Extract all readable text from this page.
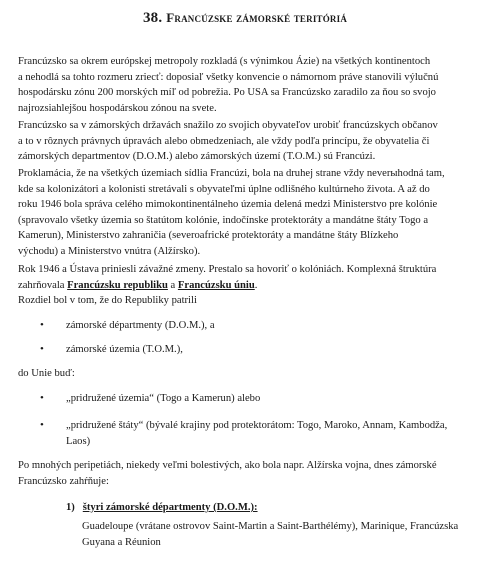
38. Francúzske zámorské teritóriá
Francúzsko sa okrem európskej metropoly rozkladá (s výnimkou Ázie) na všetkých kontinentoch
a nehodlá sa tohto rozmeru zrieсť: doposiaľ všetky konvencie o námornom práve stanovili výlučnú
hospodársku zónu 200 morských míľ od pobrežia. Po USA sa Francúzsko zaradilo za ňou so svojo
najrozsiahlejšou hospodárskou zónou na svete.
Francúzsko sa v zámorských državách snažilo zo svojich obyvateľov urobiť francúzskych občanov
a to v rôznych právnych úpravách alebo obmedzeniach, ale vždy podľa princípu, že obyvatelia či
zámorských departmentov (D.O.M.) alebo zámorských území (T.O.M.) sú Francúzi.
Proklamácia, že na všetkých územiach sídlia Francúzi, bola na druhej strane vždy neverыhodná tam,
kde sa kolonizátori a kolonisti stretávali s obyvateľmi úplne odlišného kultúrneho života. A až do
roku 1946 bola správa celého mimokontinentálneho územia delená medzi Ministerstvo pre kolónie
(spravovalo všetky územia so štatútom kolónie, indočínske protektoráty a mandátne štáty Togo a
Kamerun), Ministerstvo zahraničia (severoafrické protektoráty a mandátne štáty Blízkeho
východu) a Ministerstvo vnútra (Alžírsko).
Rok 1946 a Ústava priniesli závažné zmeny. Prestalo sa hovoriť o kolóniách. Komplexná štruktúra
zahrňovala Francúzsku republiku a Francúzsku úniu.
Rozdiel bol v tom, že do Republiky patrili
• zámorské départmenty (D.O.M.), a
• zámorské územia (T.O.M.),
do Unie buď:
• „pridružené územia“ (Togo a Kamerun) alebo
• „pridružené štáty“ (bývalé krajiny pod protektorátom: Togo, Maroko, Annam, Kambodža,
Laos)
Po mnohých peripetiách, niekedy veľmi bolestivých, ako bola napr. Alžírska vojna, dnes zámorské
Francúzsko zahŕňuje:
1) štyri zámorské départmenty (D.O.M.):
Guadeloupe (vrátane ostrovov Saint-Martin a Saint-Barthélémy), Marinique, Francúzska
Guyana a Réunion
